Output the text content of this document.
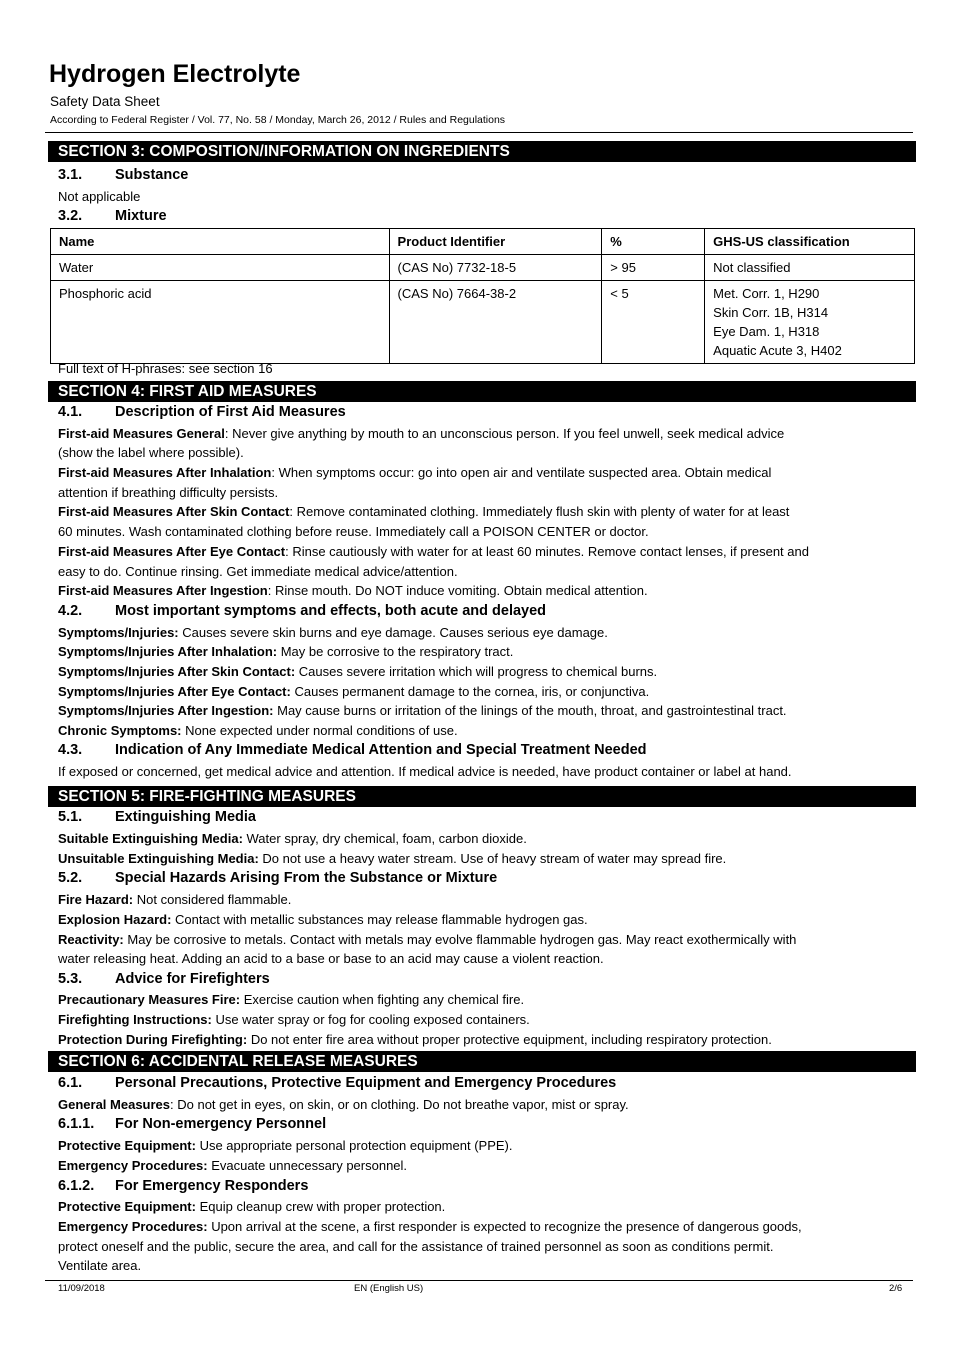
Hydrogen Electrolyte
Safety Data Sheet
According to Federal Register / Vol. 77, No. 58 / Monday, March 26, 2012 / Rules and Regulations
SECTION 3: COMPOSITION/INFORMATION ON INGREDIENTS
3.1. Substance
Not applicable
3.2. Mixture
Name	Product Identifier	%	GHS-US classification
Water	(CAS No) 7732-18-5	> 95	Not classified
Phosphoric acid	(CAS No) 7664-38-2	< 5	Met. Corr. 1, H290
Skin Corr. 1B, H314
Eye Dam. 1, H318
Aquatic Acute 3, H402
Full text of H-phrases: see section 16
SECTION 4: FIRST AID MEASURES
4.1. Description of First Aid Measures
First-aid Measures General: Never give anything by mouth to an unconscious person. If you feel unwell, seek medical advice
(show the label where possible).
First-aid Measures After Inhalation: When symptoms occur: go into open air and ventilate suspected area. Obtain medical
attention if breathing difficulty persists.
First-aid Measures After Skin Contact: Remove contaminated clothing. Immediately flush skin with plenty of water for at least
60 minutes. Wash contaminated clothing before reuse. Immediately call a POISON CENTER or doctor.
First-aid Measures After Eye Contact: Rinse cautiously with water for at least 60 minutes. Remove contact lenses, if present and
easy to do. Continue rinsing. Get immediate medical advice/attention.
First-aid Measures After Ingestion: Rinse mouth. Do NOT induce vomiting. Obtain medical attention.
4.2. Most important symptoms and effects, both acute and delayed
Symptoms/Injuries: Causes severe skin burns and eye damage. Causes serious eye damage.
Symptoms/Injuries After Inhalation: May be corrosive to the respiratory tract.
Symptoms/Injuries After Skin Contact: Causes severe irritation which will progress to chemical burns.
Symptoms/Injuries After Eye Contact: Causes permanent damage to the cornea, iris, or conjunctiva.
Symptoms/Injuries After Ingestion: May cause burns or irritation of the linings of the mouth, throat, and gastrointestinal tract.
Chronic Symptoms: None expected under normal conditions of use.
4.3. Indication of Any Immediate Medical Attention and Special Treatment Needed
If exposed or concerned, get medical advice and attention. If medical advice is needed, have product container or label at hand.
SECTION 5: FIRE-FIGHTING MEASURES
5.1. Extinguishing Media
Suitable Extinguishing Media: Water spray, dry chemical, foam, carbon dioxide.
Unsuitable Extinguishing Media: Do not use a heavy water stream. Use of heavy stream of water may spread fire.
5.2. Special Hazards Arising From the Substance or Mixture
Fire Hazard: Not considered flammable.
Explosion Hazard: Contact with metallic substances may release flammable hydrogen gas.
Reactivity: May be corrosive to metals. Contact with metals may evolve flammable hydrogen gas. May react exothermically with
water releasing heat. Adding an acid to a base or base to an acid may cause a violent reaction.
5.3. Advice for Firefighters
Precautionary Measures Fire: Exercise caution when fighting any chemical fire.
Firefighting Instructions: Use water spray or fog for cooling exposed containers.
Protection During Firefighting: Do not enter fire area without proper protective equipment, including respiratory protection.
SECTION 6: ACCIDENTAL RELEASE MEASURES
6.1. Personal Precautions, Protective Equipment and Emergency Procedures
General Measures: Do not get in eyes, on skin, or on clothing. Do not breathe vapor, mist or spray.
6.1.1. For Non-emergency Personnel
Protective Equipment: Use appropriate personal protection equipment (PPE).
Emergency Procedures: Evacuate unnecessary personnel.
6.1.2. For Emergency Responders
Protective Equipment: Equip cleanup crew with proper protection.
Emergency Procedures: Upon arrival at the scene, a first responder is expected to recognize the presence of dangerous goods,
protect oneself and the public, secure the area, and call for the assistance of trained personnel as soon as conditions permit.
Ventilate area.
11/09/2018	EN (English US)	2/6
